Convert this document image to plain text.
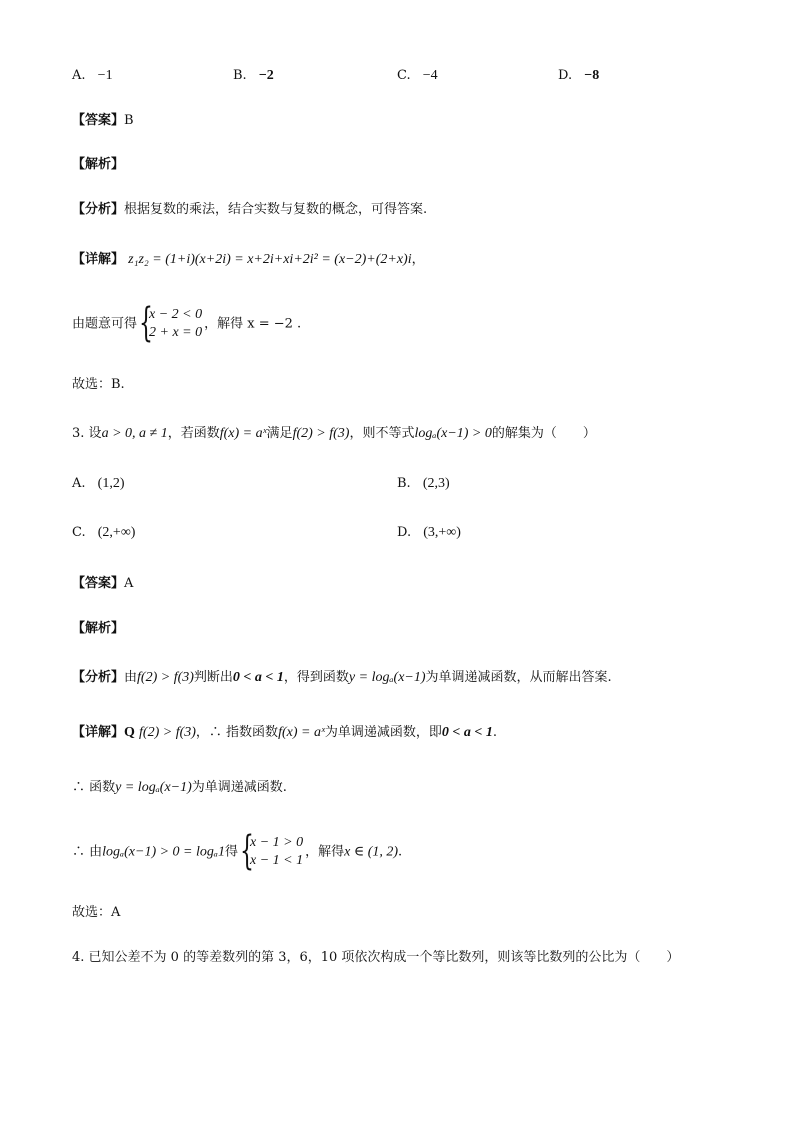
A. −1	B. −2	C. −4	D. −8
【答案】B
【解析】
【分析】根据复数的乘法，结合实数与复数的概念，可得答案.
【详解】 z₁z₂ = (1+i)(x+2i) = x+2i+xi+2i² = (x−2)+(2+x)i，
由题意可得 {
x − 2 < 0
2 + x = 0
，解得 x = −2 .
故选：B.
3. 设a > 0, a ≠ 1，若函数f(x) = aˣ满足f(2) > f(3)，则不等式logₐ(x−1) > 0的解集为（　　）
A. (1,2)	B. (2,3)
C. (2,+∞)	D. (3,+∞)
【答案】A
【解析】
【分析】由f(2) > f(3)判断出0 < a < 1，得到函数y = logₐ(x−1)为单调递减函数，从而解出答案.
【详解】Q f(2) > f(3)，∴ 指数函数f(x) = aˣ为单调递减函数，即0 < a < 1.
∴ 函数y = logₐ(x−1)为单调递减函数.
∴ 由logₐ(x−1) > 0 = logₐ1得 {
x − 1 > 0
x − 1 < 1
，解得x ∈ (1, 2).
故选：A
4. 已知公差不为 0 的等差数列的第 3，6，10 项依次构成一个等比数列，则该等比数列的公比为（　　）
